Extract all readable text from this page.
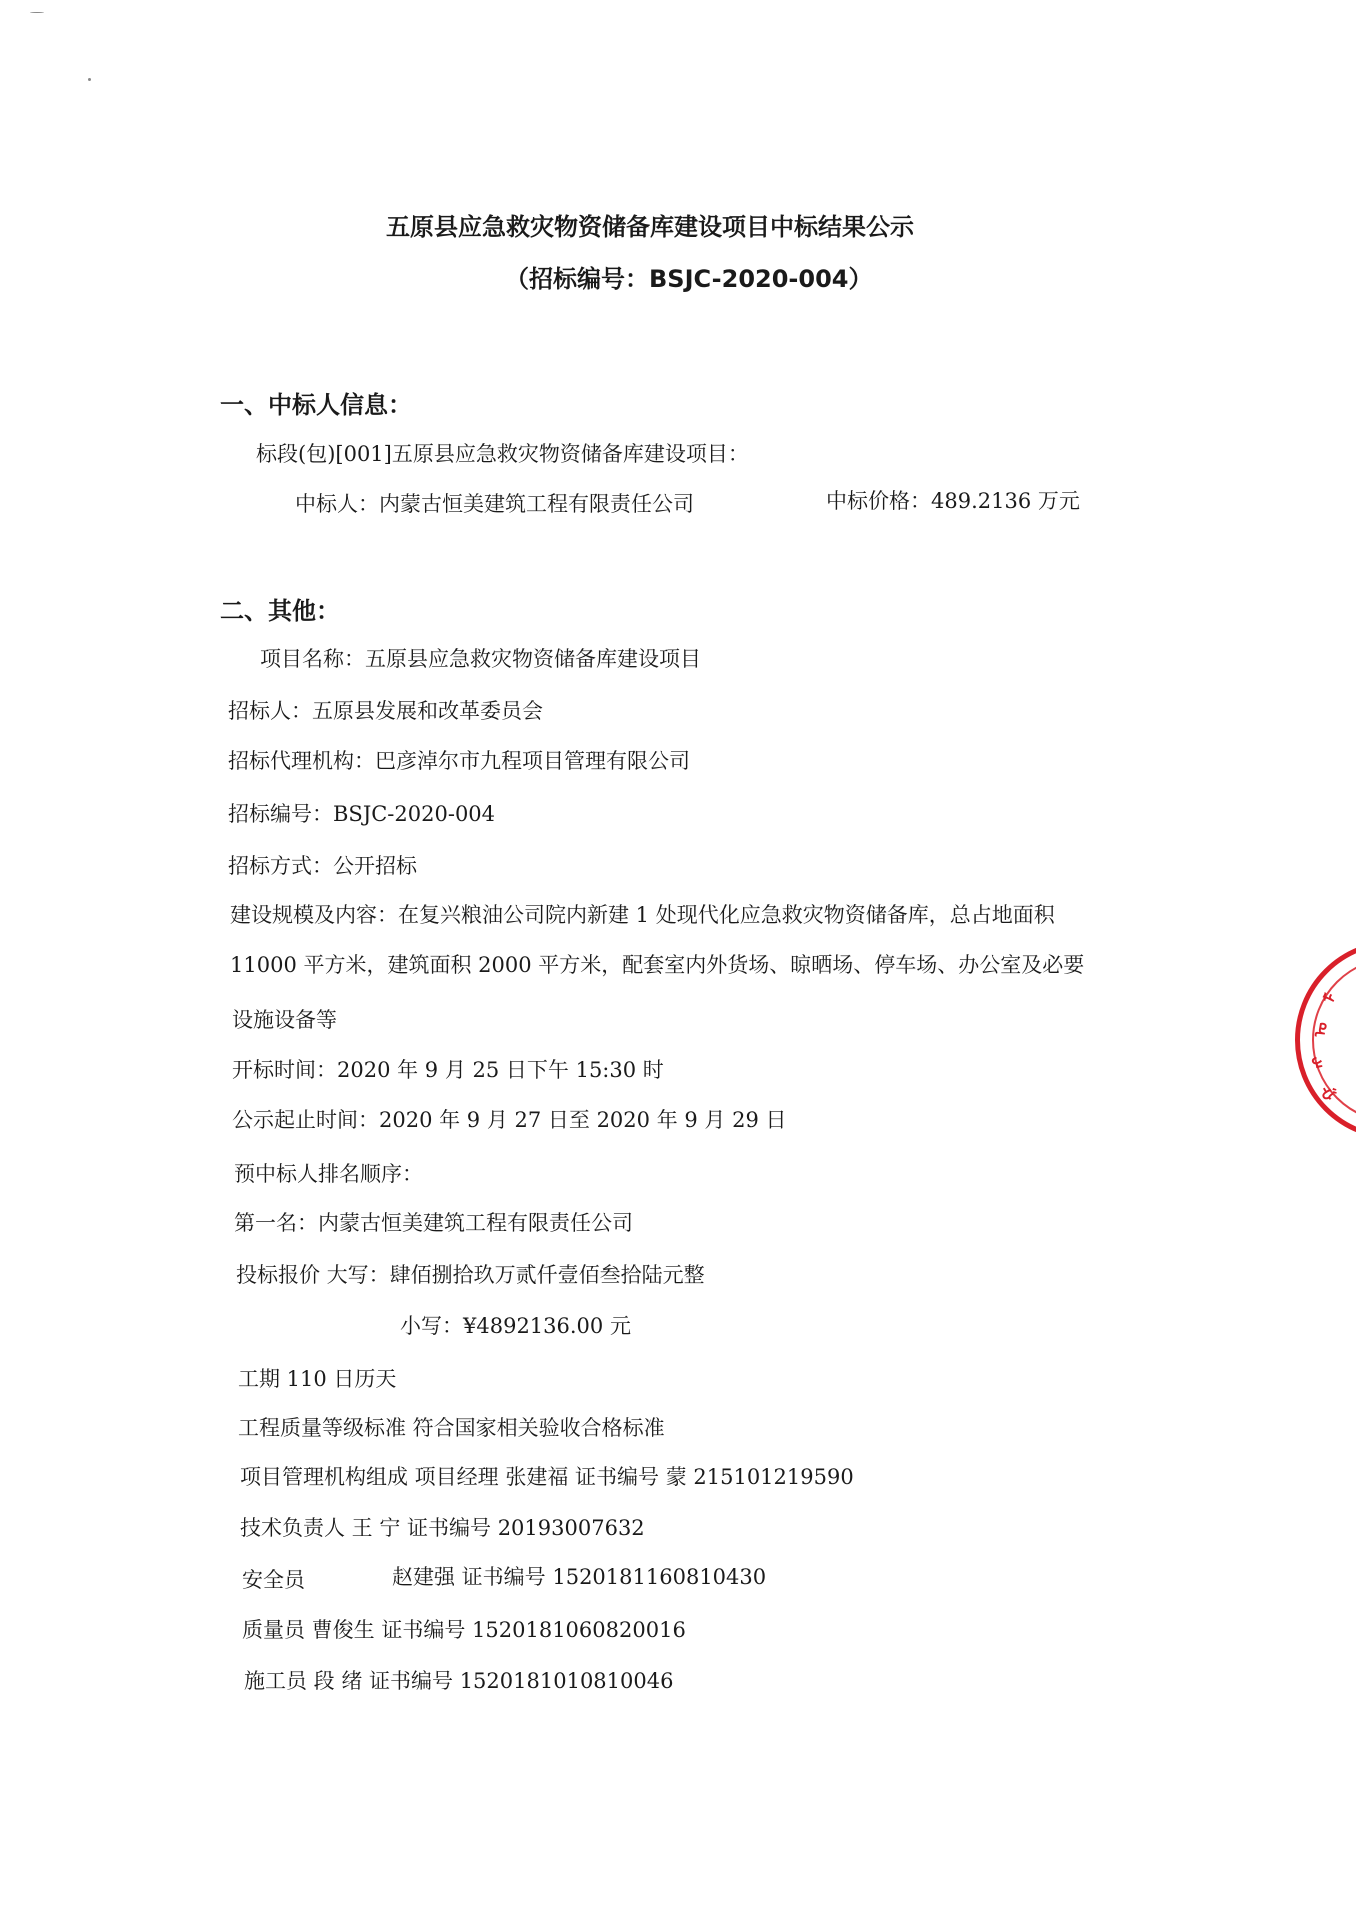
五原县应急救灾物资储备库建设项目中标结果公示
（招标编号：BSJC-2020-004）
一、中标人信息：
标段(包)[001]五原县应急救灾物资储备库建设项目：
中标人：内蒙古恒美建筑工程有限责任公司	中标价格：489.2136 万元
二、其他：
项目名称：五原县应急救灾物资储备库建设项目
招标人：五原县发展和改革委员会
招标代理机构：巴彦淖尔市九程项目管理有限公司
招标编号：BSJC-2020-004
招标方式：公开招标
建设规模及内容：在复兴粮油公司院内新建 1 处现代化应急救灾物资储备库，总占地面积
11000 平方米，建筑面积 2000 平方米，配套室内外货场、晾晒场、停车场、办公室及必要
设施设备等
开标时间：2020 年 9 月 25 日下午 15:30 时
公示起止时间：2020 年 9 月 27 日至 2020 年 9 月 29 日
预中标人排名顺序：
第一名：内蒙古恒美建筑工程有限责任公司
投标报价 大写：肆佰捌拾玖万贰仟壹佰叁拾陆元整
小写：¥4892136.00 元
工期 110 日历天
工程质量等级标准 符合国家相关验收合格标准
项目管理机构组成 项目经理 张建福 证书编号 蒙 215101219590
技术负责人 王 宁 证书编号 20193007632
安全员	赵建强 证书编号 1520181160810430
质量员 曹俊生 证书编号 1520181060820016
施工员 段 绪 证书编号 1520181010810046
ᠮ
ᠣ
ᠩ
ᠭ
